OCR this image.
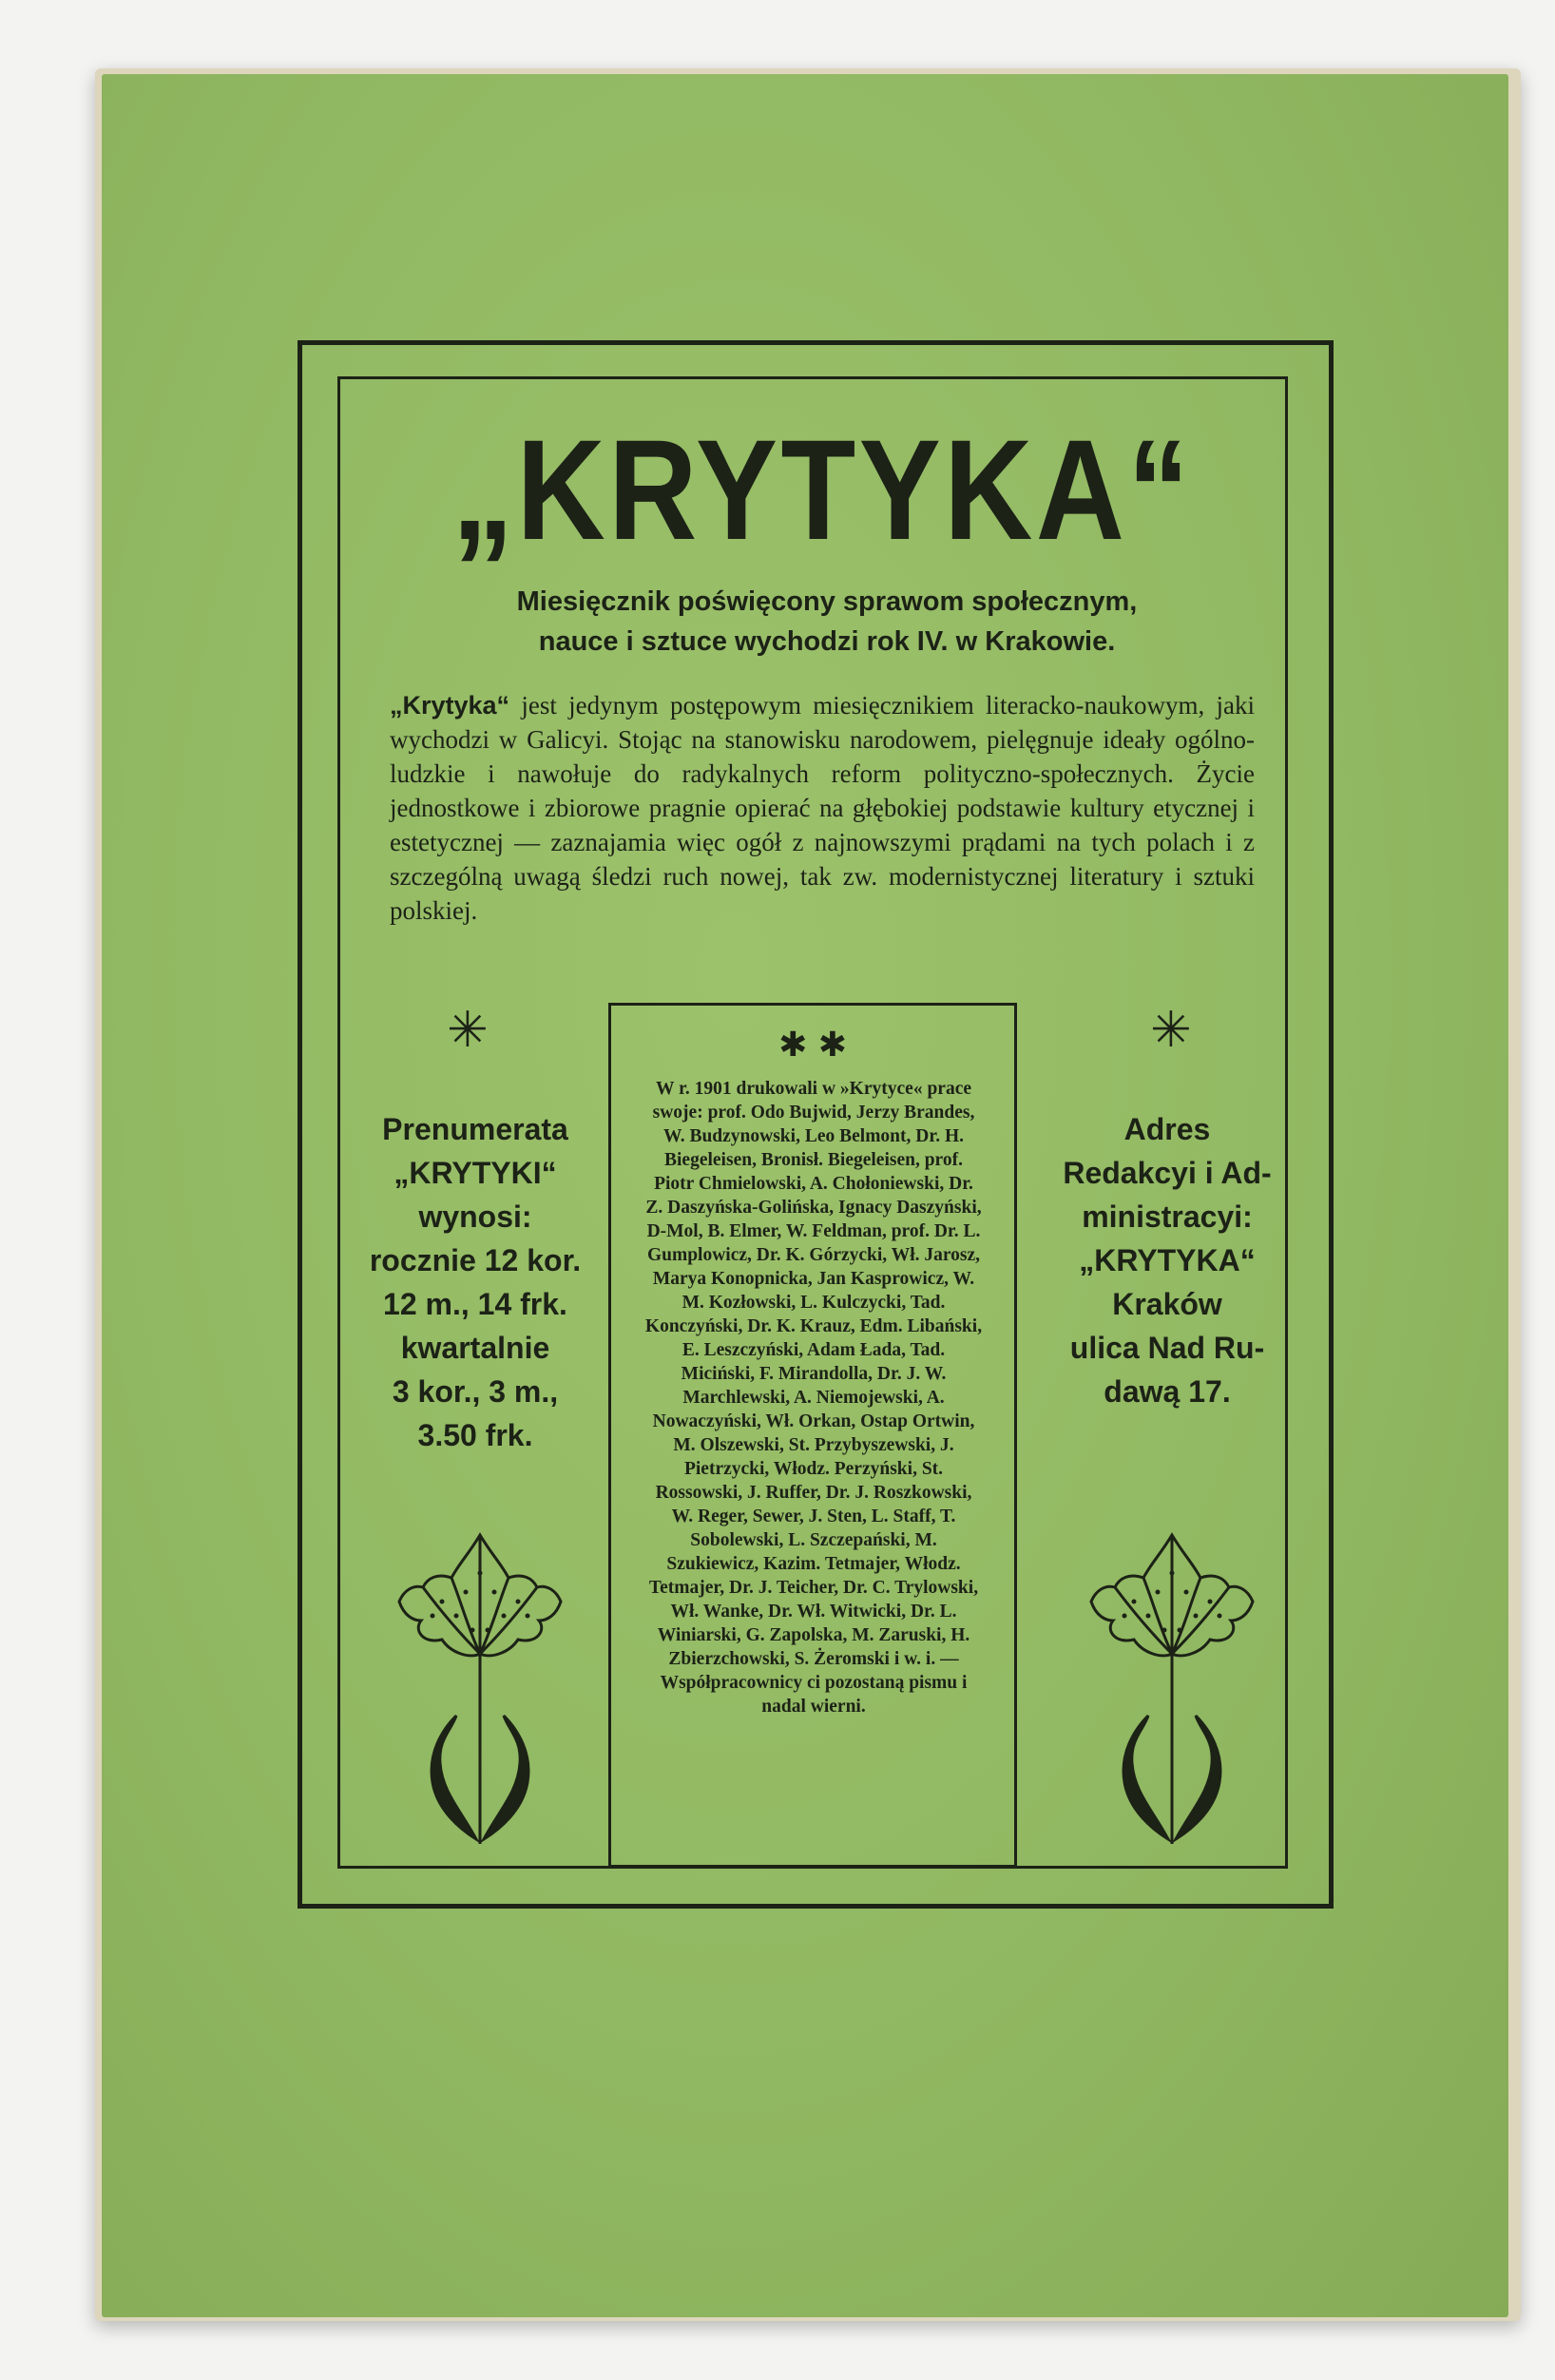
„KRYTYKA“
Miesięcznik poświęcony sprawom społecznym,
nauce i sztuce wychodzi rok IV. w Krakowie.
„Krytyka“ jest jedynym postępowym miesięcznikiem literacko-naukowym, jaki wychodzi w Galicyi. Stojąc na stanowisku narodowem, pielęgnuje ideały ogólno-ludzkie i nawołuje do radykalnych reform polityczno-społecznych. Życie jednostkowe i zbiorowe pragnie opierać na głębokiej podstawie kultury etycznej i estetycznej — zaznajamia więc ogół z najnowszymi prądami na tych polach i z szczególną uwagą śledzi ruch nowej, tak zw. modernistycznej literatury i sztuki polskiej.
✳	✳
Prenumerata
„KRYTYKI“
wynosi:
rocznie 12 kor.
12 m., 14 frk.
kwartalnie
3 kor., 3 m.,
3.50 frk.
Adres
Redakcyi i Ad-
ministracyi:
„KRYTYKA“
Kraków
ulica Nad Ru-
dawą 17.
✱ ✱
W r. 1901 drukowali w »Krytyce« prace swoje: prof. Odo Bujwid, Jerzy Brandes, W. Budzynowski, Leo Belmont, Dr. H. Biegeleisen, Bronisł. Biegeleisen, prof. Piotr Chmielowski, A. Chołoniewski, Dr. Z. Daszyńska-Golińska, Ignacy Daszyński, D-Mol, B. Elmer, W. Feldman, prof. Dr. L. Gumplowicz, Dr. K. Górzycki, Wł. Jarosz, Marya Konopnicka, Jan Kasprowicz, W. M. Kozłowski, L. Kulczycki, Tad. Konczyński, Dr. K. Krauz, Edm. Libański, E. Leszczyński, Adam Łada, Tad. Miciński, F. Mirandolla, Dr. J. W. Marchlewski, A. Niemojewski, A. Nowaczyński, Wł. Orkan, Ostap Ortwin, M. Olszewski, St. Przybyszewski, J. Pietrzycki, Włodz. Perzyński, St. Rossowski, J. Ruffer, Dr. J. Roszkowski, W. Reger, Sewer, J. Sten, L. Staff, T. Sobolewski, L. Szczepański, M. Szukiewicz, Kazim. Tetmajer, Włodz. Tetmajer, Dr. J. Teicher, Dr. C. Trylowski, Wł. Wanke, Dr. Wł. Witwicki, Dr. L. Winiarski, G. Zapolska, M. Zaruski, H. Zbierzchowski, S. Żeromski i w. i. — Współpracownicy ci pozostaną pismu i nadal wierni.
